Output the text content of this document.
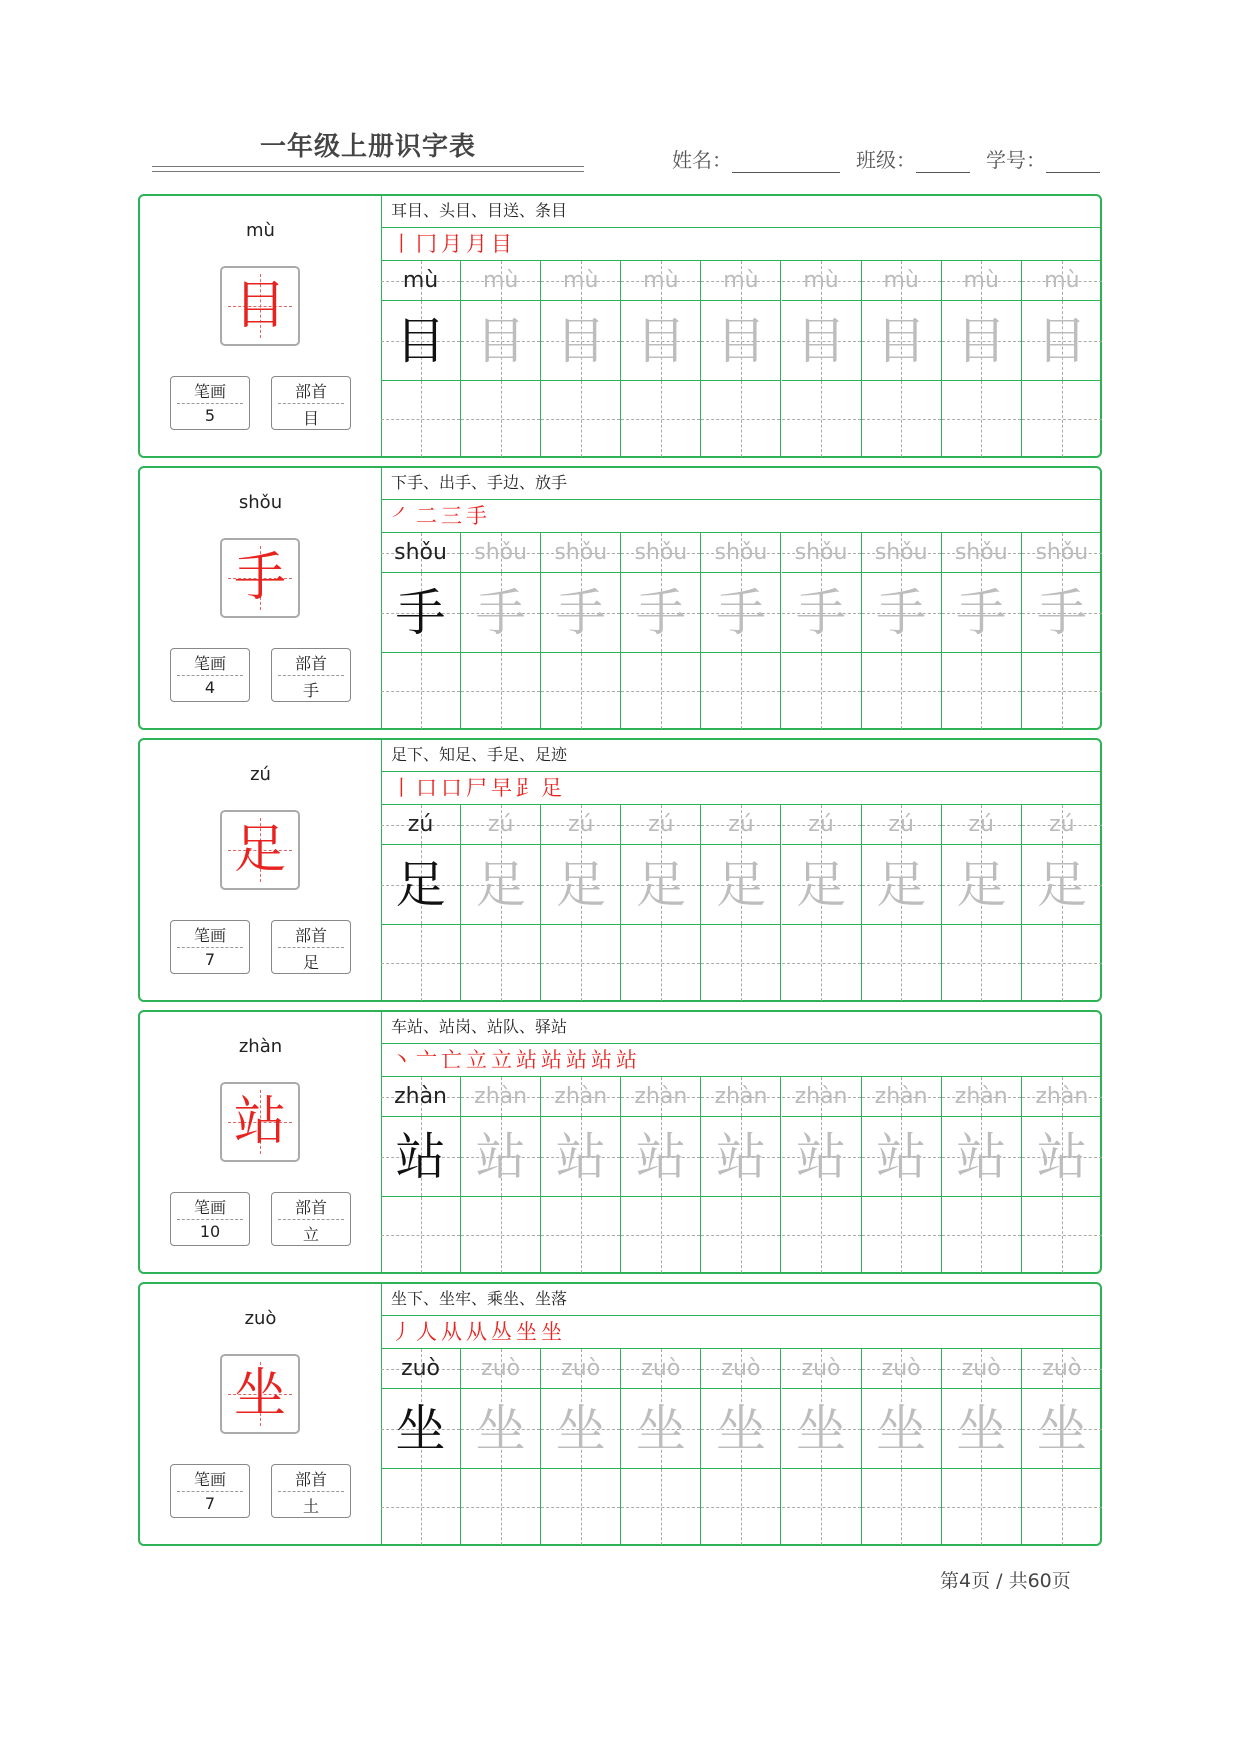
一年级上册识字表	姓名：	班级：	学号：
mù
目
笔画
5
部首
目
耳目、头目、目送、条目
丨 冂 月 月 目
mù
目
mù
目
mù
目
mù
目
mù
目
mù
目
mù
目
mù
目
mù
目
shǒu
手
笔画
4
部首
手
下手、出手、手边、放手
㇒ 二 三 手
shǒu
手
shǒu
手
shǒu
手
shǒu
手
shǒu
手
shǒu
手
shǒu
手
shǒu
手
shǒu
手
zú
足
笔画
7
部首
足
足下、知足、手足、足迹
丨 口 口 尸 早 𧾷 足
zú
足
zú
足
zú
足
zú
足
zú
足
zú
足
zú
足
zú
足
zú
足
zhàn
站
笔画
10
部首
立
车站、站岗、站队、驿站
丶 亠 亡 立 立 站 站 站 站 站
zhàn
站
zhàn
站
zhàn
站
zhàn
站
zhàn
站
zhàn
站
zhàn
站
zhàn
站
zhàn
站
zuò
坐
笔画
7
部首
土
坐下、坐牢、乘坐、坐落
丿 人 从 从 丛 坐 坐
zuò
坐
zuò
坐
zuò
坐
zuò
坐
zuò
坐
zuò
坐
zuò
坐
zuò
坐
zuò
坐
第4页 / 共60页
